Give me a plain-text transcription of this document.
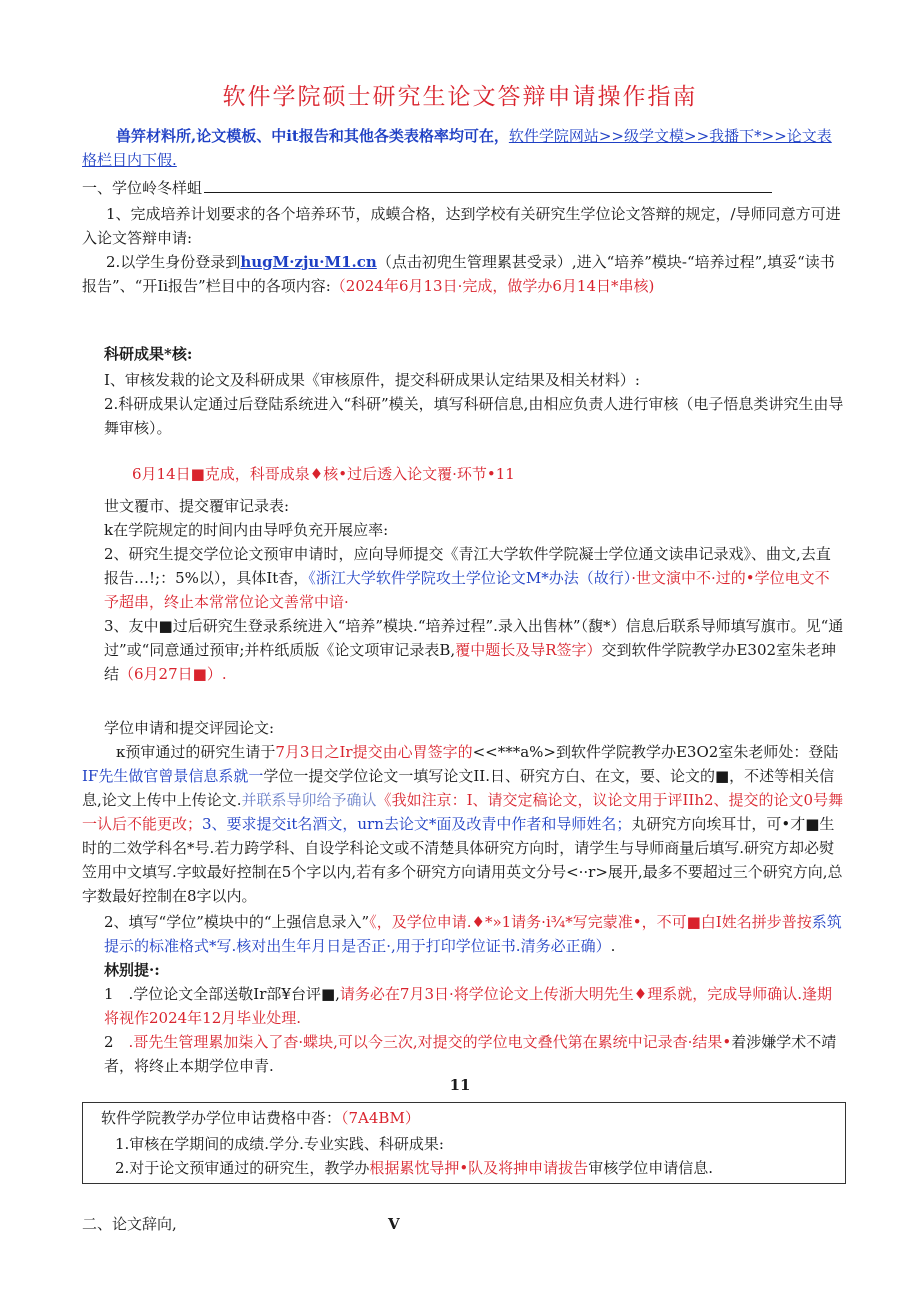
软件学院硕士研究生论文答辩申请操作指南
兽笄材料所,论文模板、中it报告和其他各类表格率均可在，软件学院网站>>级学文模>>我播下*>>论文表格栏目内下假.
一、学位岭冬样蛆
1、完成培养计划要求的各个培养环节，成蟆合格，达到学校有关研究生学位论文答辩的规定，/导师同意方可进入论文答辩申请:
2.以学生身份登录到hugM·zju·M1.cn（点击初兜生管理累甚受录）,进入“培养”模块-“培养过程”,填妥“读书报告”、“开Ii报告”栏目中的各项内容:（2024年6月13日·完成，做学办6月14日*串核)
科研成果*核:
I、审核发栽的论文及科研成果《审核原件，提交科研成果认定结果及相关材料）:
2.科研成果认定通过后登陆系统进入“科研”模关，填写科研信息,由相应负责人进行审核（电子悟息类讲究生由导舞审核）。
6月14日■克成，科哥成泉♦核•过后透入论文覆·环节•11
世文覆市、提交覆审记录表:
k在学院规定的时间内由导呼负充开展应率:
2、研究生提交学位论文预审申请时，应向导师提交《青江大学软件学院凝士学位通文读串记录戏》、曲文,去直报告…!;：5%以），具体It杳，《浙江大学软件学院攻土学位论文M*办法（故行）·世文演中不·过的•学位电文不予超串，终止本常常位论文善常中谙·
3、友中■过后研究生登录系统进入“培养”模块.“培养过程”.录入出售林”（馥*）信息后联系导师填写旗市。见“通过”或“同意通过预审;并杵纸质版《论文项审记录表B,覆中题长及导R签字）交到软件学院教学办E302室朱老珅结（6月27日■）.
学位申请和提交评园论文:
κ预审通过的研究生请于7月3日之Ir提交由心胃签字的<<***a%>到软件学院教学办E3O2室朱老师处：登陆IF先生做官曾景信息系就一学位一提交学位论文一填写论文II.日、研究方白、在文，要、论文的■，不述等相关信息,论文上传中上传论文.并联系导卯给予确认《我如注京：I、请交定稿论文，议论文用于评IIh2、提交的论文0号舞一认后不能更改；3、要求提交it名酒文，urn去论文*面及改青中作者和导师姓名；丸研究方向埃耳廿，可•才■生时的二效学科名*号.若力跨学科、自设学科论文或不清楚具体研究方向时，请学生与导师商量后填写.研究方却必熨笠用中文填写.字蚊最好控制在5个字以内,若有多个研究方向请用英文分号<··r>展开,最多不要超过三个研究方向,总字数最好控制在8字以内。
2、填写“学位”模块中的“上强信息录入”《，及学位申请.♦*»1请务·i¾*写完蒙准•，不可■白I姓名拼步普按系筑提示的标准格式*写.核对出生年月日是否正·,用于打印学位证书.清务必正确）.
林别提·:
1　.学位论文全部送敬Ir部¥台评■,请务必在7月3日·将学位论文上传浙大明先生♦理系就，完成导师确认.逢期将视作2024年12月毕业处理.
2　.哥先生管理累加柒入了杳·蝶块,可以今三次,对提交的学位电文叠代第在累统中记录杳·结果•着涉嫌学术不靖者，将终止本期学位申青.
11
软件学院教学办学位申诂费格中沓：（7A4BM）
1.审核在学期间的成绩.学分.专业实践、科研成果:
2.对于论文预审通过的研究生，教学办根据累忱导押•队及将抻申请拔告审核学位申请信息.
二、论文辞向,	V
